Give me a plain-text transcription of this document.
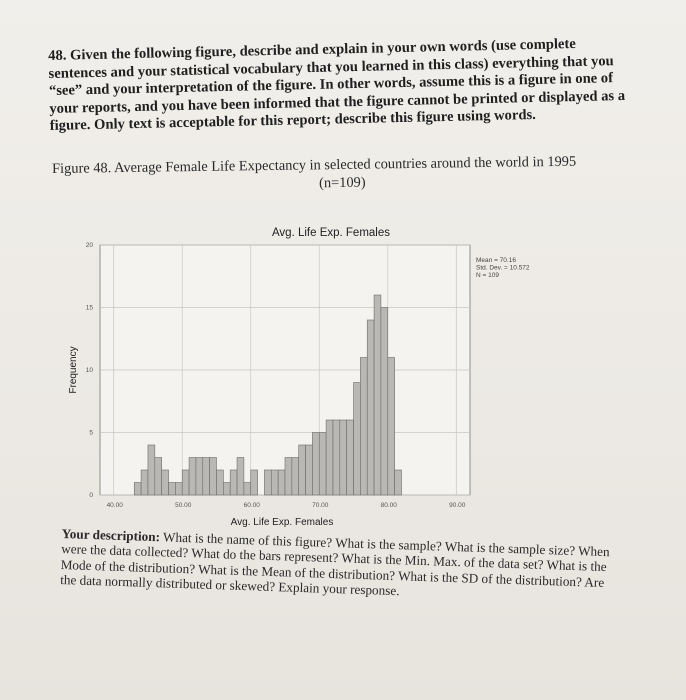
48. Given the following figure, describe and explain in your own words (use complete sentences and your statistical vocabulary that you learned in this class) everything that you “see” and your interpretation of the figure. In other words, assume this is a figure in one of your reports, and you have been informed that the figure cannot be printed or displayed as a figure. Only text is acceptable for this report; describe this figure using words.
Figure 48. Average Female Life Expectancy in selected countries around the world in 1995
(n=109)
Avg. Life Exp. Females
0
5
10
15
20
40.00	50.00	60.00	70.00	80.00	90.00
Frequency
Avg. Life Exp. Females
Mean = 70.16
Std. Dev. = 10.572
N = 109
Your description: What is the name of this figure? What is the sample? What is the sample size? When were the data collected? What do the bars represent? What is the Min. Max. of the data set? What is the Mode of the distribution? What is the Mean of the distribution? What is the SD of the distribution? Are the data normally distributed or skewed? Explain your response.
